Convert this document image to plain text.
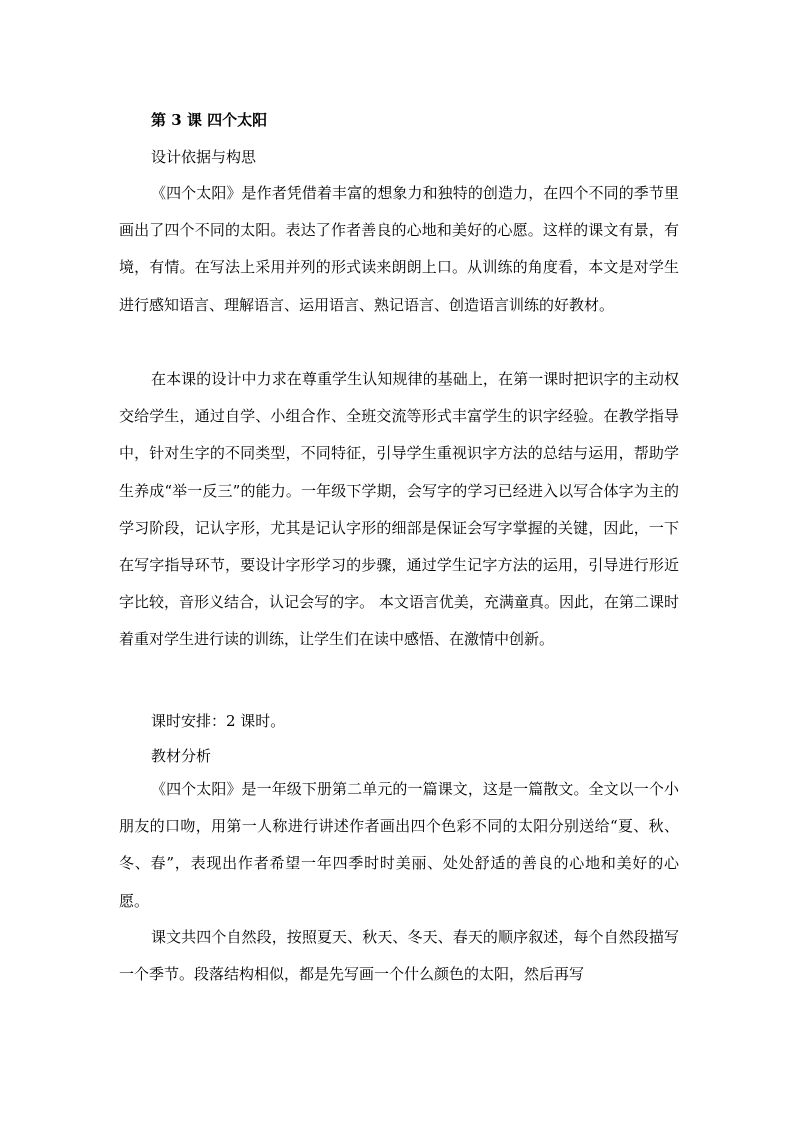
第 3 课 四个太阳
设计依据与构思
《四个太阳》是作者凭借着丰富的想象力和独特的创造力，在四个不同的季节里画出了四个不同的太阳。表达了作者善良的心地和美好的心愿。这样的课文有景，有境，有情。在写法上采用并列的形式读来朗朗上口。从训练的角度看，本文是对学生进行感知语言、理解语言、运用语言、熟记语言、创造语言训练的好教材。
在本课的设计中力求在尊重学生认知规律的基础上，在第一课时把识字的主动权交给学生，通过自学、小组合作、全班交流等形式丰富学生的识字经验。在教学指导中，针对生字的不同类型，不同特征，引导学生重视识字方法的总结与运用，帮助学生养成“举一反三”的能力。一年级下学期，会写字的学习已经进入以写合体字为主的学习阶段，记认字形，尤其是记认字形的细部是保证会写字掌握的关键，因此，一下在写字指导环节，要设计字形学习的步骤，通过学生记字方法的运用，引导进行形近字比较，音形义结合，认记会写的字。 本文语言优美，充满童真。因此，在第二课时着重对学生进行读的训练，让学生们在读中感悟、在激情中创新。
课时安排：2 课时。
教材分析
《四个太阳》是一年级下册第二单元的一篇课文，这是一篇散文。全文以一个小朋友的口吻，用第一人称进行讲述作者画出四个色彩不同的太阳分别送给“夏、秋、冬、春”，表现出作者希望一年四季时时美丽、处处舒适的善良的心地和美好的心愿。
课文共四个自然段，按照夏天、秋天、冬天、春天的顺序叙述，每个自然段描写一个季节。段落结构相似，都是先写画一个什么颜色的太阳，然后再写
